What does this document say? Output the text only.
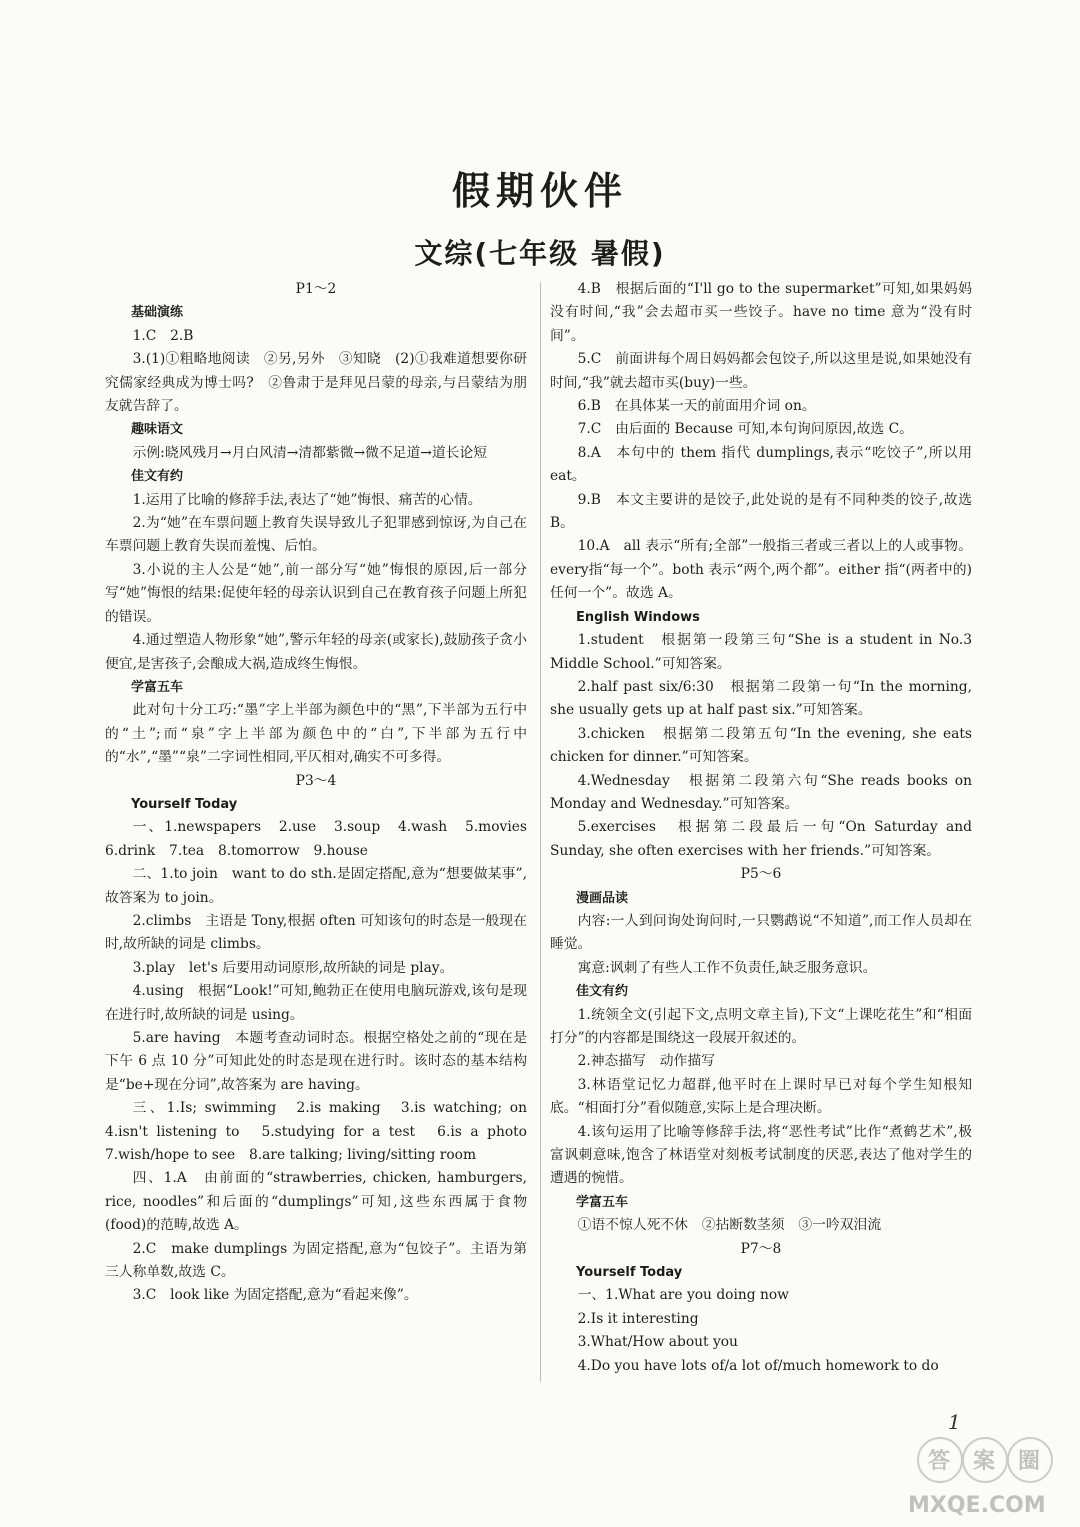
假期伙伴
文综(七年级 暑假)

P1～2

基础演练

1.C　2.B

3.(1)①粗略地阅读　②另,另外　③知晓　(2)①我难道想要你研究儒家经典成为博士吗?　②鲁肃于是拜见吕蒙的母亲,与吕蒙结为朋友就告辞了。

趣味语文

示例:晓风残月→月白风清→清都紫微→微不足道→道长论短

佳文有约

1.运用了比喻的修辞手法,表达了“她”悔恨、痛苦的心情。

2.为“她”在车票问题上教育失误导致儿子犯罪感到惊讶,为自己在车票问题上教育失误而羞愧、后怕。

3.小说的主人公是“她”,前一部分写“她”悔恨的原因,后一部分写“她”悔恨的结果:促使年轻的母亲认识到自己在教育孩子问题上所犯的错误。

4.通过塑造人物形象“她”,警示年轻的母亲(或家长),鼓励孩子贪小便宜,是害孩子,会酿成大祸,造成终生悔恨。

学富五车

此对句十分工巧:“墨”字上半部为颜色中的“黑”,下半部为五行中的“土”;而“泉”字上半部为颜色中的“白”,下半部为五行中的“水”,“墨”“泉”二字词性相同,平仄相对,确实不可多得。

P3～4

Yourself Today

一、1.newspapers　2.use　3.soup　4.wash　5.movies　6.drink　7.tea　8.tomorrow　9.house

二、1.to join　want to do sth.是固定搭配,意为“想要做某事”,故答案为 to join。

2.climbs　主语是 Tony,根据 often 可知该句的时态是一般现在时,故所缺的词是 climbs。

3.play　let's 后要用动词原形,故所缺的词是 play。

4.using　根据“Look!”可知,鲍勃正在使用电脑玩游戏,该句是现在进行时,故所缺的词是 using。

5.are having　本题考查动词时态。根据空格处之前的“现在是下午 6 点 10 分”可知此处的时态是现在进行时。该时态的基本结构是“be+现在分词”,故答案为 are having。

三、1.Is; swimming　2.is making　3.is watching; on　4.isn't listening to　5.studying for a test　6.is a photo　7.wish/hope to see　8.are talking; living/sitting room

四、1.A　由前面的“strawberries, chicken, hamburgers, rice, noodles”和后面的“dumplings”可知,这些东西属于食物(food)的范畴,故选 A。

2.C　make dumplings 为固定搭配,意为“包饺子”。主语为第三人称单数,故选 C。

3.C　look like 为固定搭配,意为“看起来像”。

4.B　根据后面的“I'll go to the supermarket”可知,如果妈妈没有时间,“我”会去超市买一些饺子。have no time 意为“没有时间”。

5.C　前面讲每个周日妈妈都会包饺子,所以这里是说,如果她没有时间,“我”就去超市买(buy)一些。

6.B　在具体某一天的前面用介词 on。

7.C　由后面的 Because 可知,本句询问原因,故选 C。

8.A　本句中的 them 指代 dumplings,表示“吃饺子”,所以用 eat。

9.B　本文主要讲的是饺子,此处说的是有不同种类的饺子,故选 B。

10.A　all 表示“所有;全部”一般指三者或三者以上的人或事物。every指“每一个”。both 表示“两个,两个都”。either 指“(两者中的)任何一个”。故选 A。

English Windows

1.student　根据第一段第三句“She is a student in No.3 Middle School.”可知答案。

2.half past six/6:30　根据第二段第一句“In the morning, she usually gets up at half past six.”可知答案。

3.chicken　根据第二段第五句“In the evening, she eats chicken for dinner.”可知答案。

4.Wednesday　根据第二段第六句“She reads books on Monday and Wednesday.”可知答案。

5.exercises　根据第二段最后一句“On Saturday and Sunday, she often exercises with her friends.”可知答案。

P5～6

漫画品读

内容:一人到问询处询问时,一只鹦鹉说“不知道”,而工作人员却在睡觉。

寓意:讽刺了有些人工作不负责任,缺乏服务意识。

佳文有约

1.统领全文(引起下文,点明文章主旨),下文“上课吃花生”和“相面打分”的内容都是围绕这一段展开叙述的。

2.神态描写　动作描写

3.林语堂记忆力超群,他平时在上课时早已对每个学生知根知底。“相面打分”看似随意,实际上是合理决断。

4.该句运用了比喻等修辞手法,将“恶性考试”比作“煮鹤艺术”,极富讽刺意味,饱含了林语堂对刻板考试制度的厌恶,表达了他对学生的遭遇的惋惜。

学富五车

①语不惊人死不休　②拈断数茎须　③一吟双泪流

P7～8

Yourself Today

一、1.What are you doing now

2.Is it interesting

3.What/How about you

4.Do you have lots of/a lot of/much homework to do

1
答 案 圈
MXQE.COM
